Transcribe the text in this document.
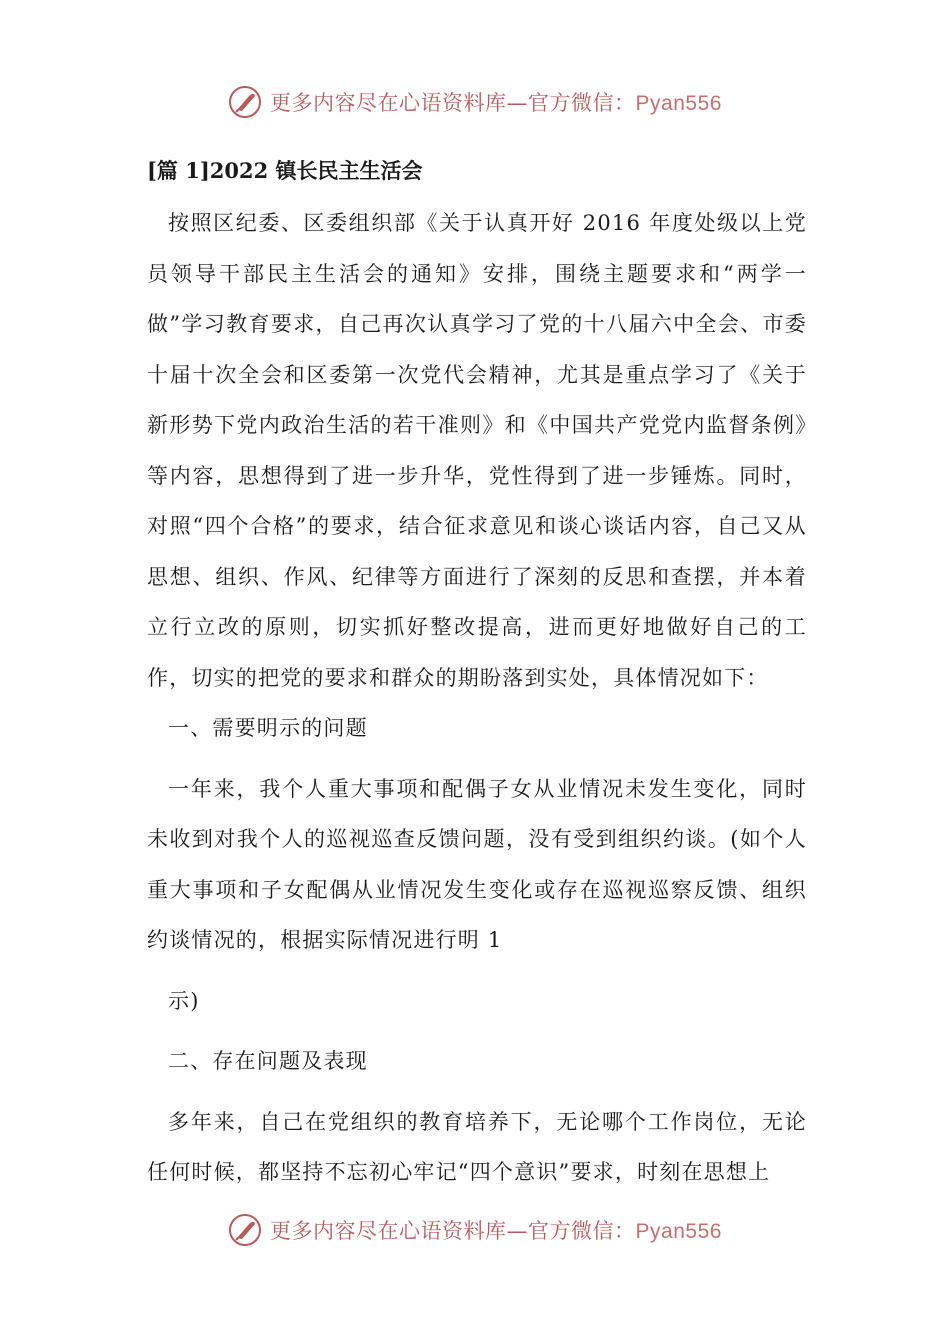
更多内容尽在心语资料库—官方微信：Pyan556
[篇 1]2022 镇长民主生活会

按照区纪委、区委组织部《关于认真开好 2016 年度处级以上党员领导干部民主生活会的通知》安排，围绕主题要求和“两学一做”学习教育要求，自己再次认真学习了党的十八届六中全会、市委十届十次全会和区委第一次党代会精神，尤其是重点学习了《关于新形势下党内政治生活的若干准则》和《中国共产党党内监督条例》等内容，思想得到了进一步升华，党性得到了进一步锤炼。同时，对照“四个合格”的要求，结合征求意见和谈心谈话内容，自己又从思想、组织、作风、纪律等方面进行了深刻的反思和查摆，并本着立行立改的原则，切实抓好整改提高，进而更好地做好自己的工作，切实的把党的要求和群众的期盼落到实处，具体情况如下：

一、需要明示的问题

一年来，我个人重大事项和配偶子女从业情况未发生变化，同时未收到对我个人的巡视巡查反馈问题，没有受到组织约谈。(如个人重大事项和子女配偶从业情况发生变化或存在巡视巡察反馈、组织约谈情况的，根据实际情况进行明 1

示)

二、存在问题及表现

多年来，自己在党组织的教育培养下，无论哪个工作岗位，无论任何时候，都坚持不忘初心牢记“四个意识”要求，时刻在思想上

更多内容尽在心语资料库—官方微信：Pyan556
